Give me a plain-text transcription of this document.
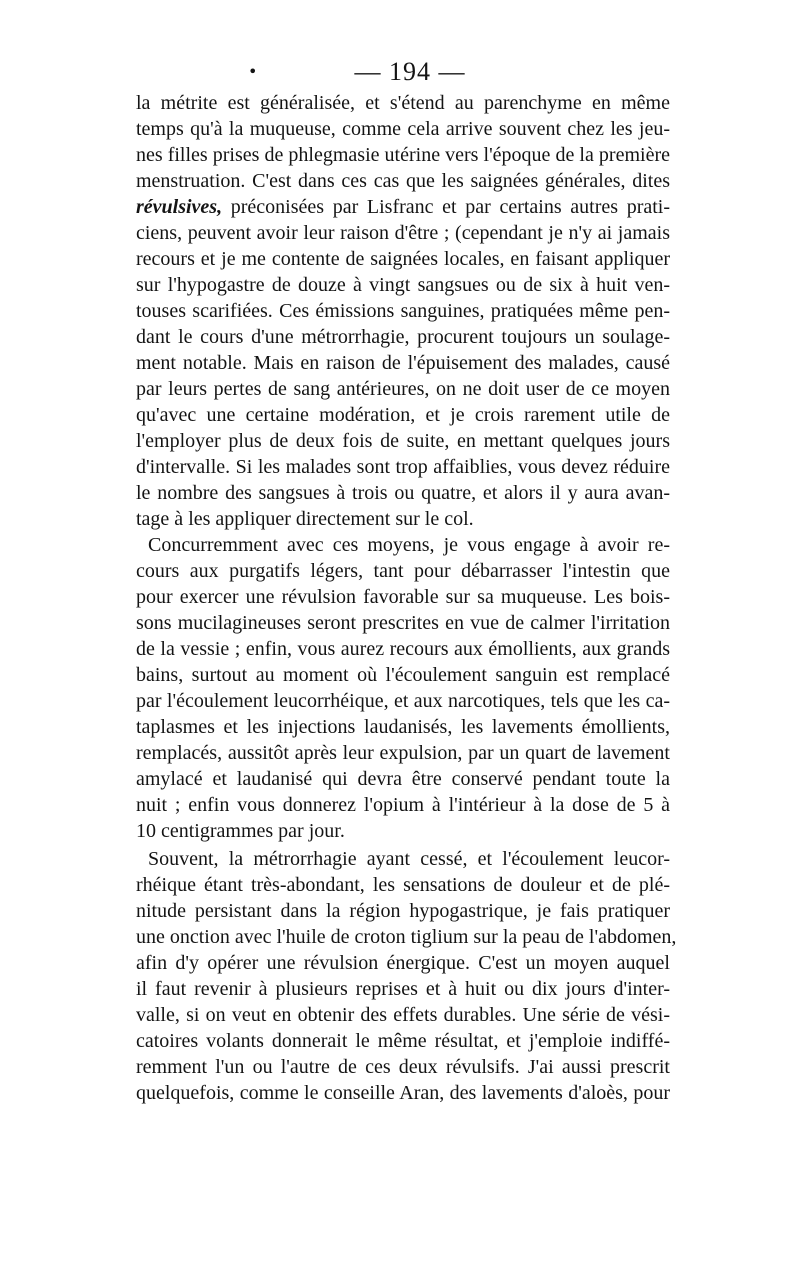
•	— 194 —
la métrite est généralisée, et s'étend au parenchyme en même
temps qu'à la muqueuse, comme cela arrive souvent chez les jeu-
nes filles prises de phlegmasie utérine vers l'époque de la première
menstruation. C'est dans ces cas que les saignées générales, dites
révulsives, préconisées par Lisfranc et par certains autres prati-
ciens, peuvent avoir leur raison d'être ; (cependant je n'y ai jamais
recours et je me contente de saignées locales, en faisant appliquer
sur l'hypogastre de douze à vingt sangsues ou de six à huit ven-
touses scarifiées. Ces émissions sanguines, pratiquées même pen-
dant le cours d'une métrorrhagie, procurent toujours un soulage-
ment notable. Mais en raison de l'épuisement des malades, causé
par leurs pertes de sang antérieures, on ne doit user de ce moyen
qu'avec une certaine modération, et je crois rarement utile de
l'employer plus de deux fois de suite, en mettant quelques jours
d'intervalle. Si les malades sont trop affaiblies, vous devez réduire
le nombre des sangsues à trois ou quatre, et alors il y aura avan-
tage à les appliquer directement sur le col.
Concurremment avec ces moyens, je vous engage à avoir re-
cours aux purgatifs légers, tant pour débarrasser l'intestin que
pour exercer une révulsion favorable sur sa muqueuse. Les bois-
sons mucilagineuses seront prescrites en vue de calmer l'irritation
de la vessie ; enfin, vous aurez recours aux émollients, aux grands
bains, surtout au moment où l'écoulement sanguin est remplacé
par l'écoulement leucorrhéique, et aux narcotiques, tels que les ca-
taplasmes et les injections laudanisés, les lavements émollients,
remplacés, aussitôt après leur expulsion, par un quart de lavement
amylacé et laudanisé qui devra être conservé pendant toute la
nuit ; enfin vous donnerez l'opium à l'intérieur à la dose de 5 à
10 centigrammes par jour.
Souvent, la métrorrhagie ayant cessé, et l'écoulement leucor-
rhéique étant très-abondant, les sensations de douleur et de plé-
nitude persistant dans la région hypogastrique, je fais pratiquer
une onction avec l'huile de croton tiglium sur la peau de l'abdomen,
afin d'y opérer une révulsion énergique. C'est un moyen auquel
il faut revenir à plusieurs reprises et à huit ou dix jours d'inter-
valle, si on veut en obtenir des effets durables. Une série de vési-
catoires volants donnerait le même résultat, et j'emploie indiffé-
remment l'un ou l'autre de ces deux révulsifs. J'ai aussi prescrit
quelquefois, comme le conseille Aran, des lavements d'aloès, pour
